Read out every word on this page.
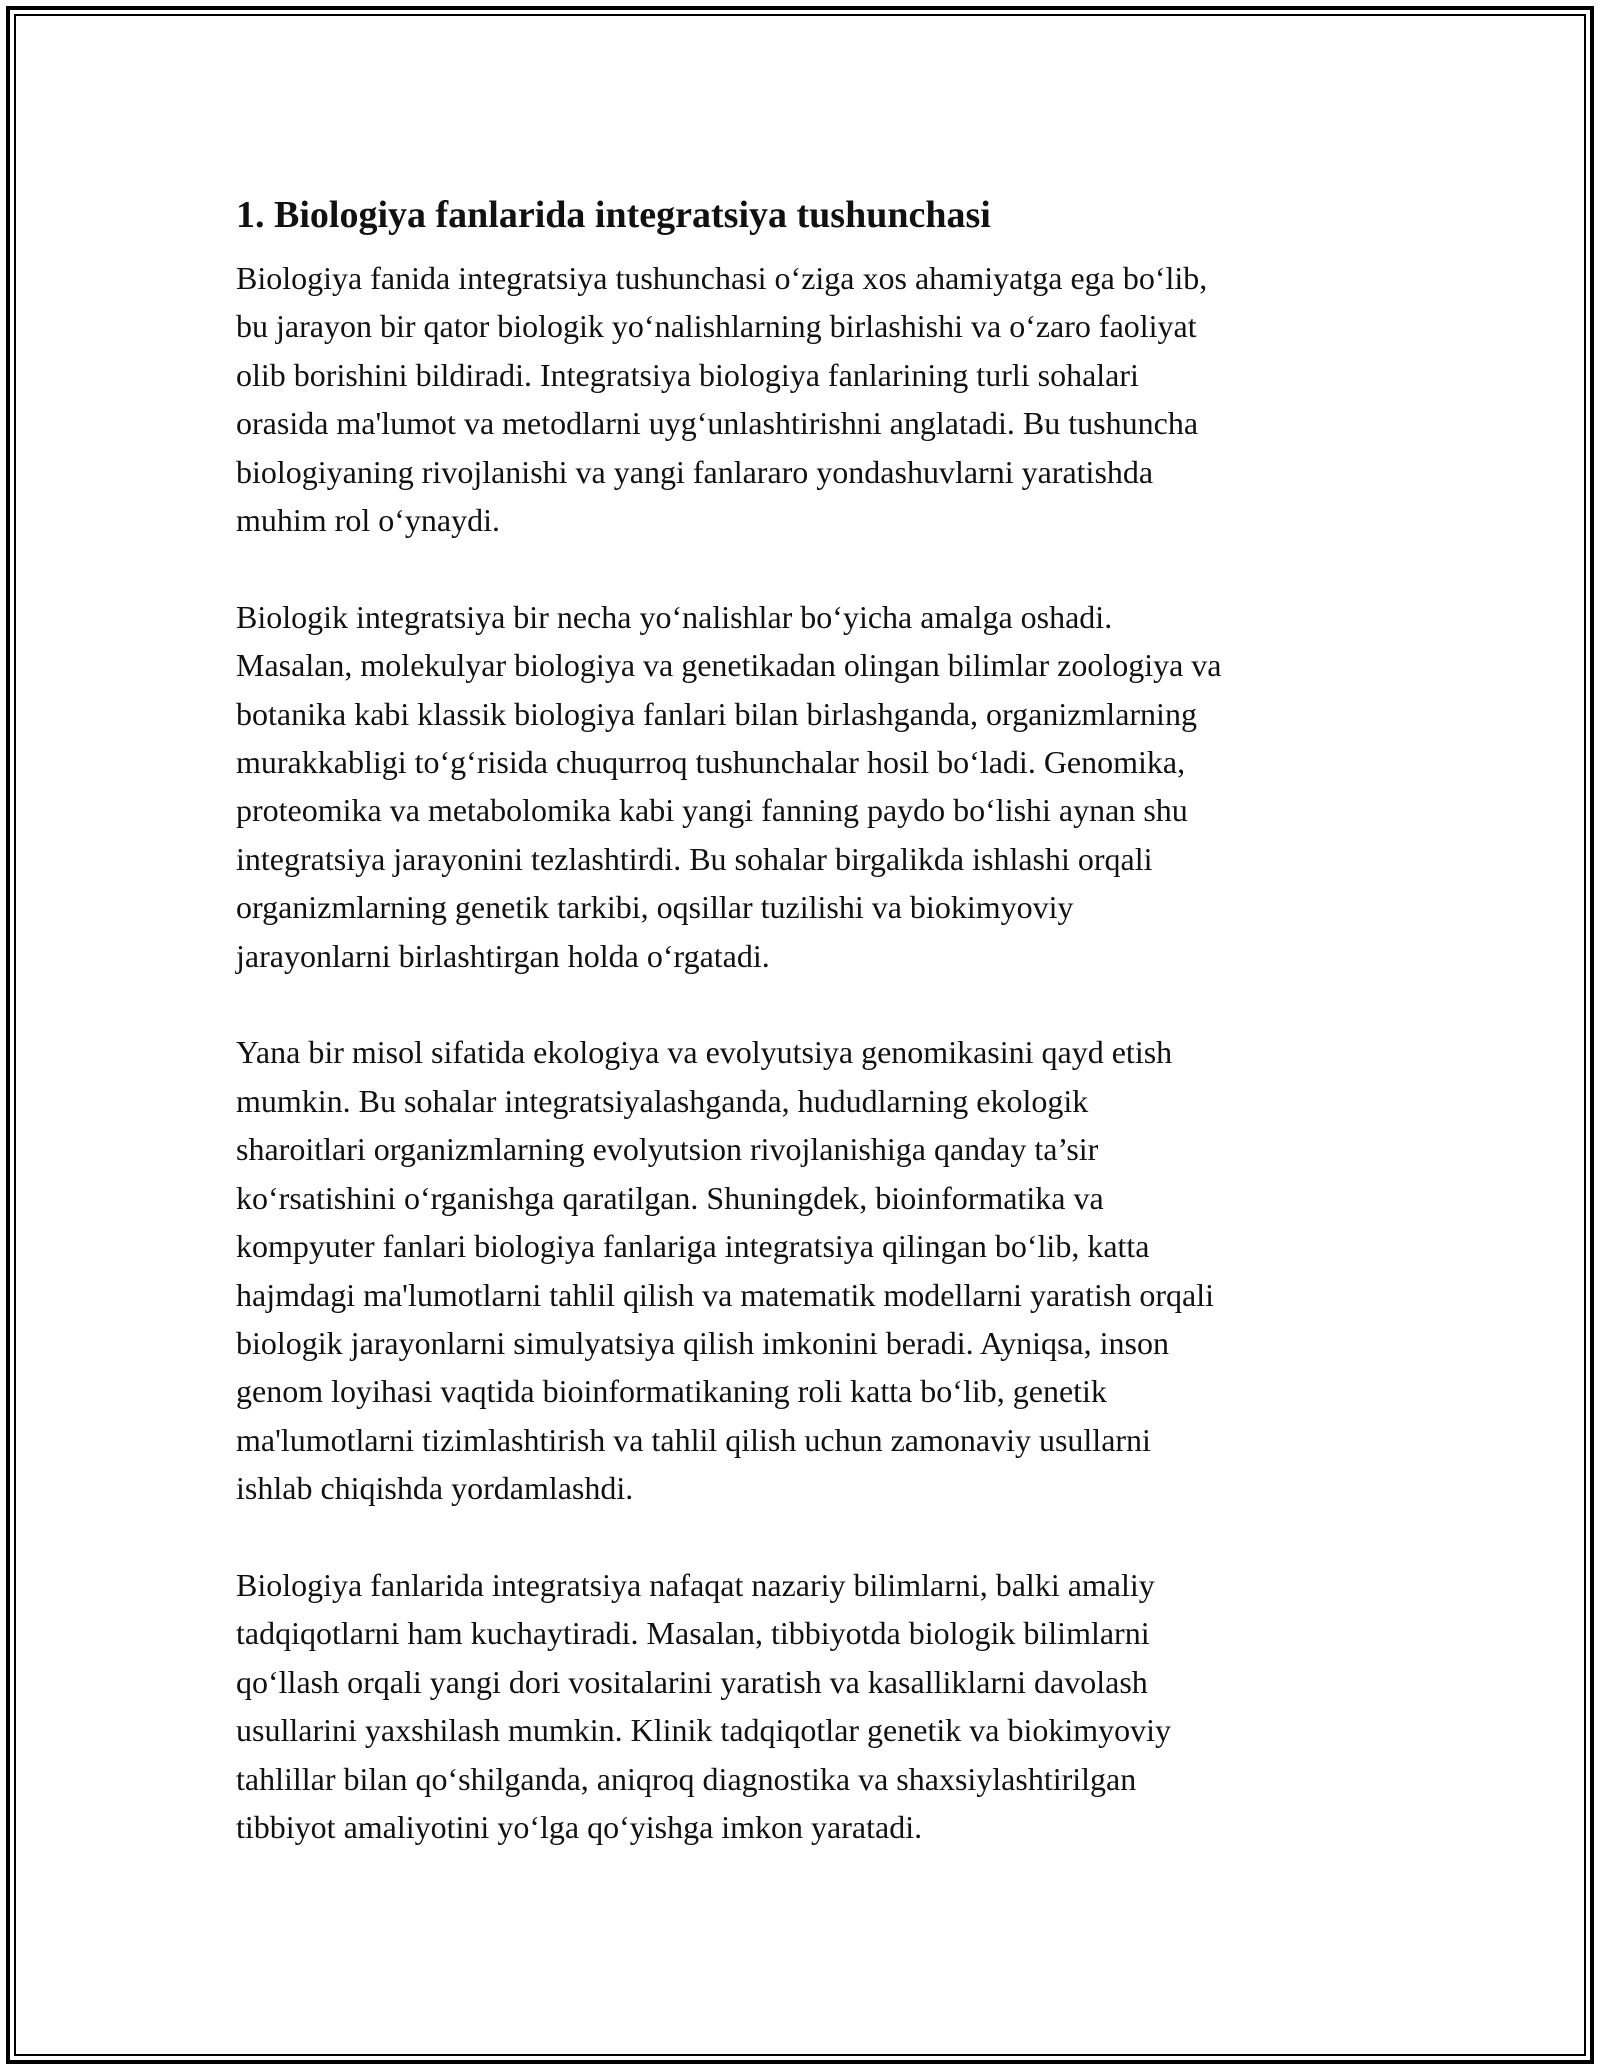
1. Biologiya fanlarida integratsiya tushunchasi

Biologiya fanida integratsiya tushunchasi o‘ziga xos ahamiyatga ega bo‘lib,
bu jarayon bir qator biologik yo‘nalishlarning birlashishi va o‘zaro faoliyat
olib borishini bildiradi. Integratsiya biologiya fanlarining turli sohalari
orasida ma'lumot va metodlarni uyg‘unlashtirishni anglatadi. Bu tushuncha
biologiyaning rivojlanishi va yangi fanlararo yondashuvlarni yaratishda
muhim rol o‘ynaydi.

Biologik integratsiya bir necha yo‘nalishlar bo‘yicha amalga oshadi.
Masalan, molekulyar biologiya va genetikadan olingan bilimlar zoologiya va
botanika kabi klassik biologiya fanlari bilan birlashganda, organizmlarning
murakkabligi to‘g‘risida chuqurroq tushunchalar hosil bo‘ladi. Genomika,
proteomika va metabolomika kabi yangi fanning paydo bo‘lishi aynan shu
integratsiya jarayonini tezlashtirdi. Bu sohalar birgalikda ishlashi orqali
organizmlarning genetik tarkibi, oqsillar tuzilishi va biokimyoviy
jarayonlarni birlashtirgan holda o‘rgatadi.

Yana bir misol sifatida ekologiya va evolyutsiya genomikasini qayd etish
mumkin. Bu sohalar integratsiyalashganda, hududlarning ekologik
sharoitlari organizmlarning evolyutsion rivojlanishiga qanday ta’sir
ko‘rsatishini o‘rganishga qaratilgan. Shuningdek, bioinformatika va
kompyuter fanlari biologiya fanlariga integratsiya qilingan bo‘lib, katta
hajmdagi ma'lumotlarni tahlil qilish va matematik modellarni yaratish orqali
biologik jarayonlarni simulyatsiya qilish imkonini beradi. Ayniqsa, inson
genom loyihasi vaqtida bioinformatikaning roli katta bo‘lib, genetik
ma'lumotlarni tizimlashtirish va tahlil qilish uchun zamonaviy usullarni
ishlab chiqishda yordamlashdi.

Biologiya fanlarida integratsiya nafaqat nazariy bilimlarni, balki amaliy
tadqiqotlarni ham kuchaytiradi. Masalan, tibbiyotda biologik bilimlarni
qo‘llash orqali yangi dori vositalarini yaratish va kasalliklarni davolash
usullarini yaxshilash mumkin. Klinik tadqiqotlar genetik va biokimyoviy
tahlillar bilan qo‘shilganda, aniqroq diagnostika va shaxsiylashtirilgan
tibbiyot amaliyotini yo‘lga qo‘yishga imkon yaratadi.
